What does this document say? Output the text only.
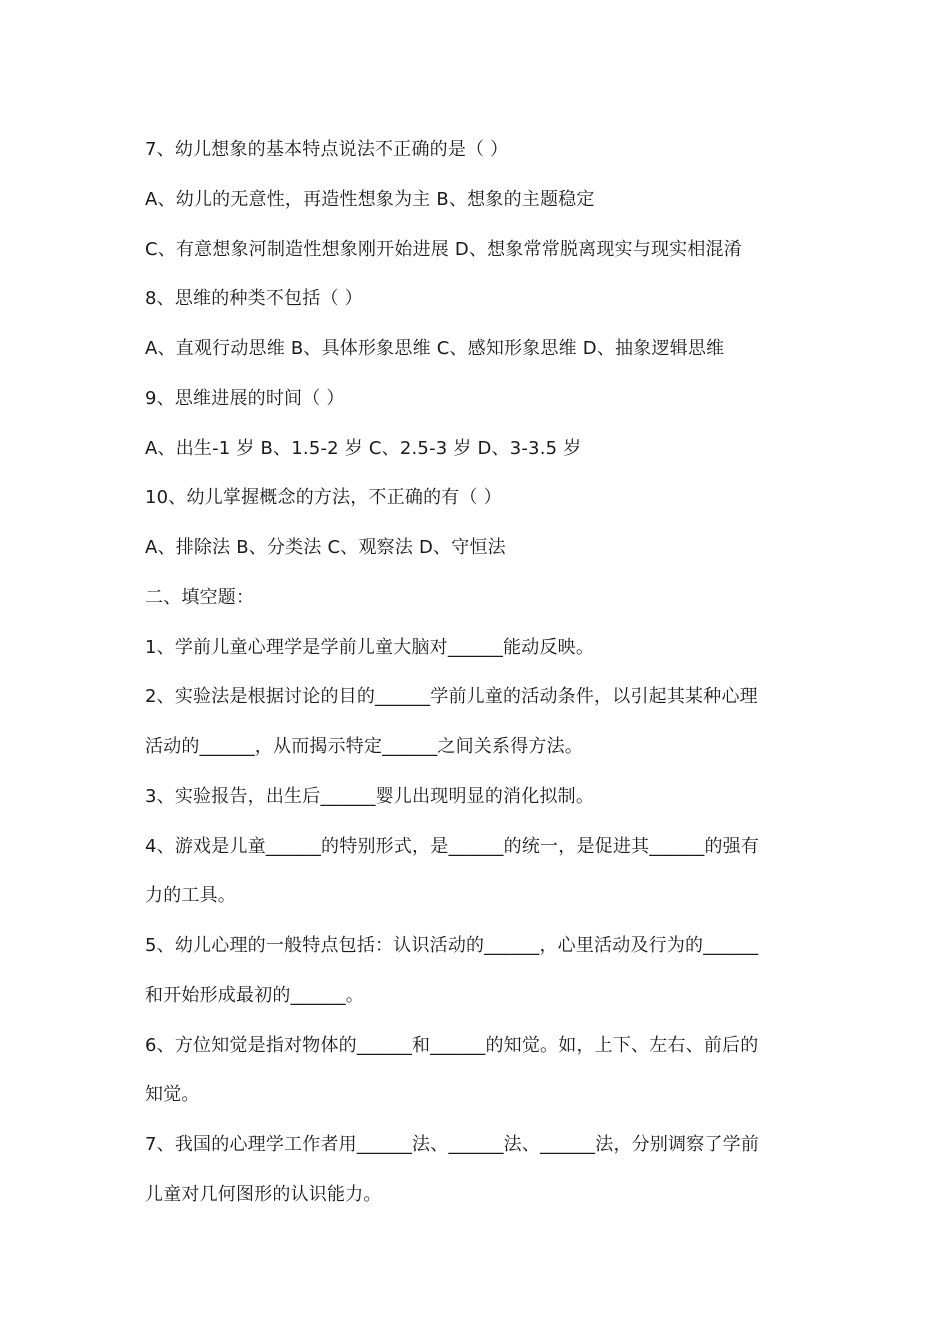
7、幼儿想象的基本特点说法不正确的是（ ）
A、幼儿的无意性，再造性想象为主 B、想象的主题稳定
C、有意想象河制造性想象刚开始进展 D、想象常常脱离现实与现实相混淆
8、思维的种类不包括（ ）
A、直观行动思维 B、具体形象思维 C、感知形象思维 D、抽象逻辑思维
9、思维进展的时间（ ）
A、出生-1 岁 B、1.5-2 岁 C、2.5-3 岁 D、3-3.5 岁
10、幼儿掌握概念的方法，不正确的有（ ）
A、排除法 B、分类法 C、观察法 D、守恒法
二、填空题：
1、学前儿童心理学是学前儿童大脑对______能动反映。
2、实验法是根据讨论的目的______学前儿童的活动条件，以引起其某种心理
活动的______，从而揭示特定______之间关系得方法。
3、实验报告，出生后______婴儿出现明显的消化拟制。
4、游戏是儿童______的特别形式，是______的统一，是促进其______的强有
力的工具。
5、幼儿心理的一般特点包括：认识活动的______，心里活动及行为的______
和开始形成最初的______。
6、方位知觉是指对物体的______和______的知觉。如，上下、左右、前后的
知觉。
7、我国的心理学工作者用______法、______法、______法，分别调察了学前
儿童对几何图形的认识能力。
